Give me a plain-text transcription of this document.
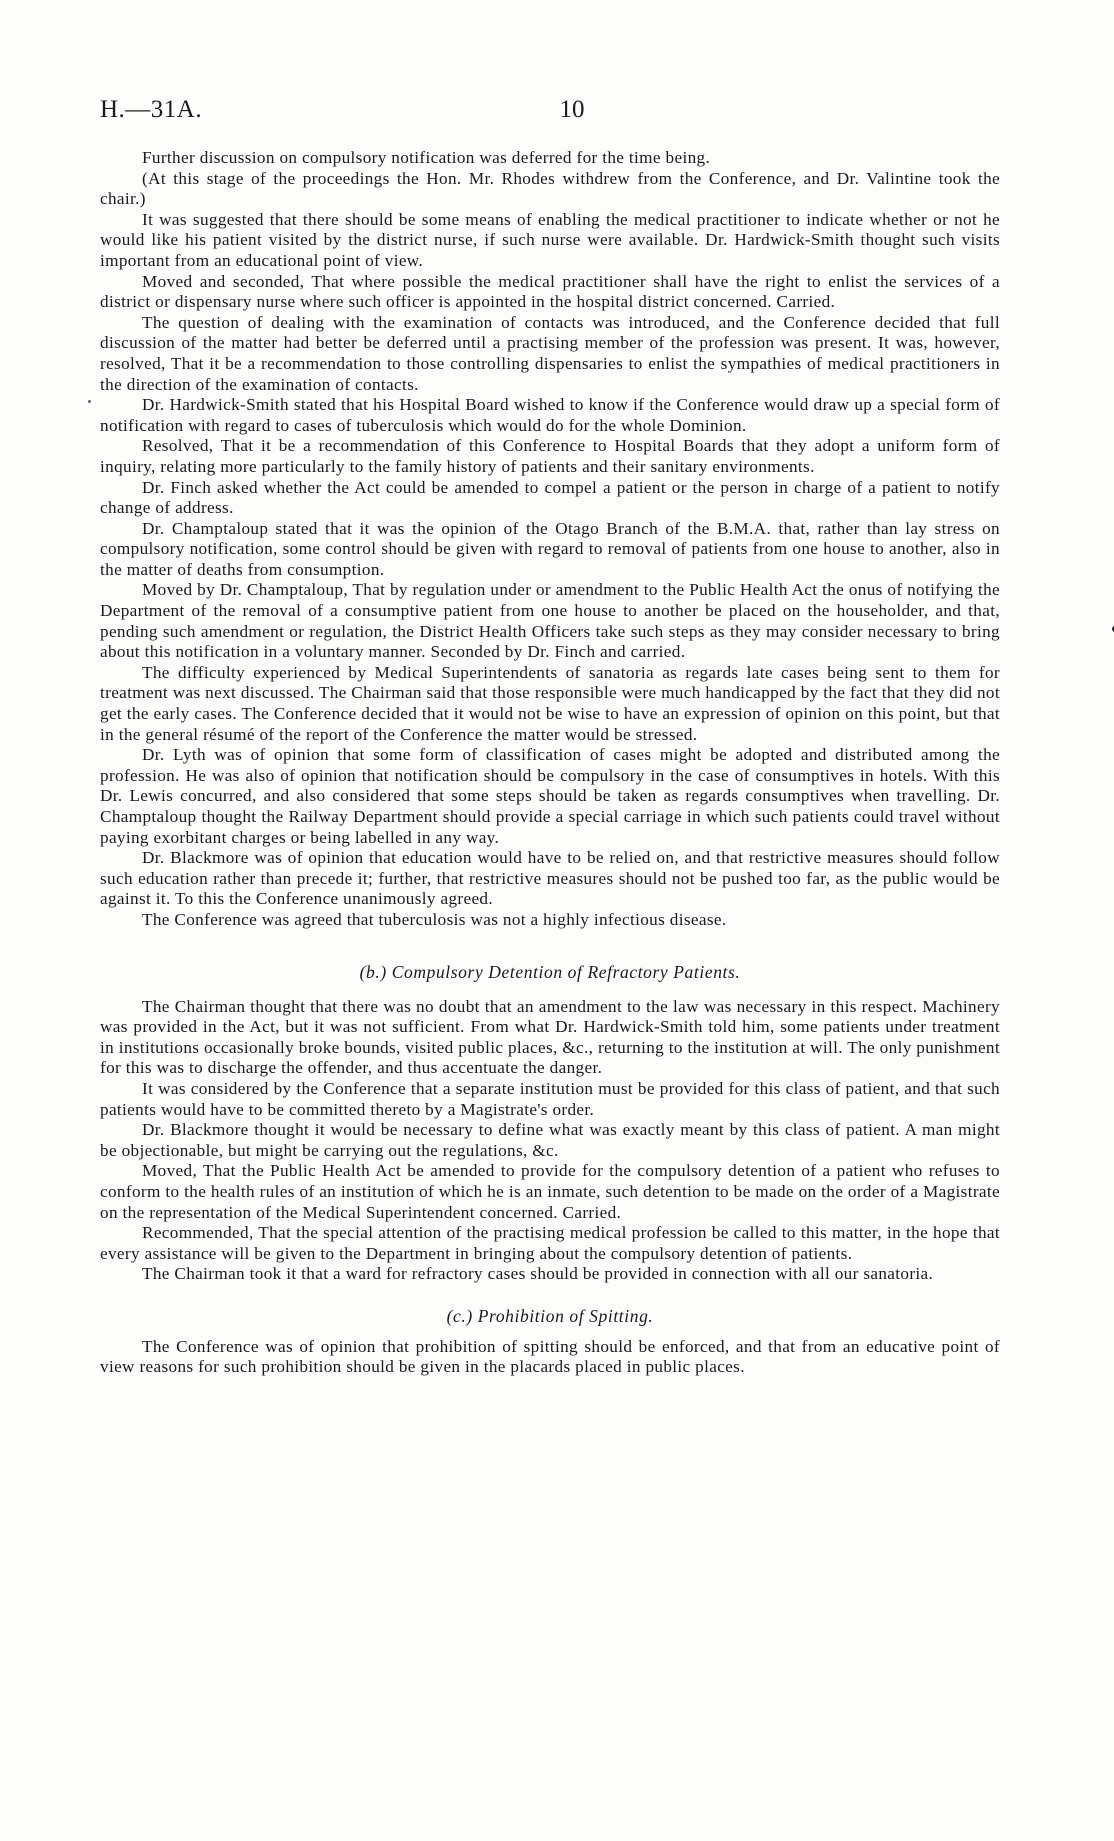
H.—31A.	10

Further discussion on compulsory notification was deferred for the time being.

(At this stage of the proceedings the Hon. Mr. Rhodes withdrew from the Conference, and Dr. Valintine took the chair.)

It was suggested that there should be some means of enabling the medical practitioner to indicate whether or not he would like his patient visited by the district nurse, if such nurse were available. Dr. Hardwick-Smith thought such visits important from an educational point of view.

Moved and seconded, That where possible the medical practitioner shall have the right to enlist the services of a district or dispensary nurse where such officer is appointed in the hospital district concerned. Carried.

The question of dealing with the examination of contacts was introduced, and the Conference decided that full discussion of the matter had better be deferred until a practising member of the profession was present. It was, however, resolved, That it be a recommendation to those controlling dispensaries to enlist the sympathies of medical practitioners in the direction of the examination of contacts.

Dr. Hardwick-Smith stated that his Hospital Board wished to know if the Conference would draw up a special form of notification with regard to cases of tuberculosis which would do for the whole Dominion.

Resolved, That it be a recommendation of this Conference to Hospital Boards that they adopt a uniform form of inquiry, relating more particularly to the family history of patients and their sanitary environments.

Dr. Finch asked whether the Act could be amended to compel a patient or the person in charge of a patient to notify change of address.

Dr. Champtaloup stated that it was the opinion of the Otago Branch of the B.M.A. that, rather than lay stress on compulsory notification, some control should be given with regard to removal of patients from one house to another, also in the matter of deaths from consumption.

Moved by Dr. Champtaloup, That by regulation under or amendment to the Public Health Act the onus of notifying the Department of the removal of a consumptive patient from one house to another be placed on the householder, and that, pending such amendment or regulation, the District Health Officers take such steps as they may consider necessary to bring about this notification in a voluntary manner. Seconded by Dr. Finch and carried.

The difficulty experienced by Medical Superintendents of sanatoria as regards late cases being sent to them for treatment was next discussed. The Chairman said that those responsible were much handicapped by the fact that they did not get the early cases. The Conference decided that it would not be wise to have an expression of opinion on this point, but that in the general résumé of the report of the Conference the matter would be stressed.

Dr. Lyth was of opinion that some form of classification of cases might be adopted and distributed among the profession. He was also of opinion that notification should be compulsory in the case of consumptives in hotels. With this Dr. Lewis concurred, and also considered that some steps should be taken as regards consumptives when travelling. Dr. Champtaloup thought the Railway Department should provide a special carriage in which such patients could travel without paying exorbitant charges or being labelled in any way.

Dr. Blackmore was of opinion that education would have to be relied on, and that restrictive measures should follow such education rather than precede it; further, that restrictive measures should not be pushed too far, as the public would be against it. To this the Conference unanimously agreed.

The Conference was agreed that tuberculosis was not a highly infectious disease.

(b.) Compulsory Detention of Refractory Patients.

The Chairman thought that there was no doubt that an amendment to the law was necessary in this respect. Machinery was provided in the Act, but it was not sufficient. From what Dr. Hardwick-Smith told him, some patients under treatment in institutions occasionally broke bounds, visited public places, &c., returning to the institution at will. The only punishment for this was to discharge the offender, and thus accentuate the danger.

It was considered by the Conference that a separate institution must be provided for this class of patient, and that such patients would have to be committed thereto by a Magistrate's order.

Dr. Blackmore thought it would be necessary to define what was exactly meant by this class of patient. A man might be objectionable, but might be carrying out the regulations, &c.

Moved, That the Public Health Act be amended to provide for the compulsory detention of a patient who refuses to conform to the health rules of an institution of which he is an inmate, such detention to be made on the order of a Magistrate on the representation of the Medical Superintendent concerned. Carried.

Recommended, That the special attention of the practising medical profession be called to this matter, in the hope that every assistance will be given to the Department in bringing about the compulsory detention of patients.

The Chairman took it that a ward for refractory cases should be provided in connection with all our sanatoria.

(c.) Prohibition of Spitting.

The Conference was of opinion that prohibition of spitting should be enforced, and that from an educative point of view reasons for such prohibition should be given in the placards placed in public places.
